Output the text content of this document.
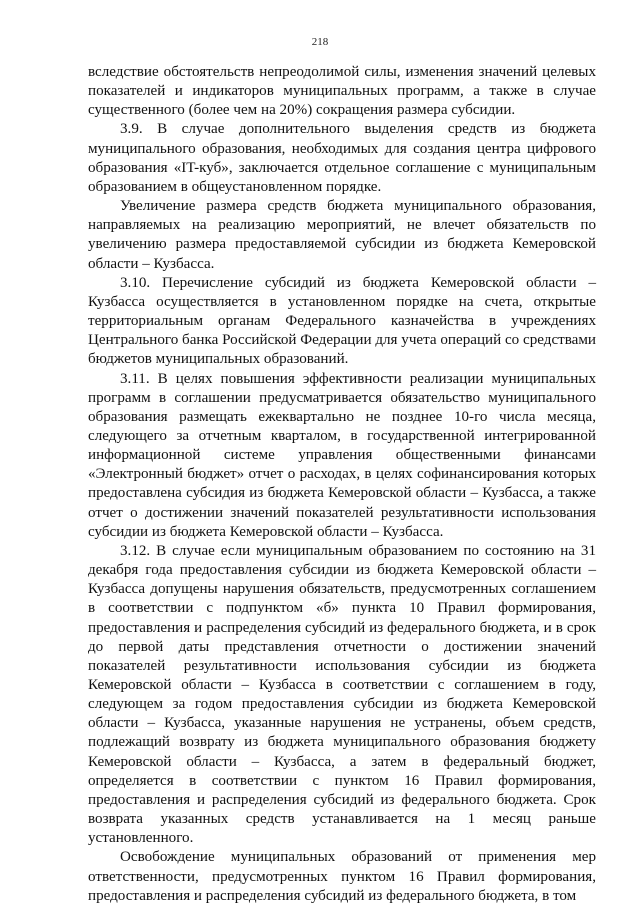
218

вследствие обстоятельств непреодолимой силы, изменения значений целевых показателей и индикаторов муниципальных программ, а также в случае существенного (более чем на 20%) сокращения размера субсидии.

3.9. В случае дополнительного выделения средств из бюджета муниципального образования, необходимых для создания центра цифрового образования «IT-куб», заключается отдельное соглашение с муниципальным образованием в общеустановленном порядке.

Увеличение размера средств бюджета муниципального образования, направляемых на реализацию мероприятий, не влечет обязательств по увеличению размера предоставляемой субсидии из бюджета Кемеровской области – Кузбасса.

3.10. Перечисление субсидий из бюджета Кемеровской области – Кузбасса осуществляется в установленном порядке на счета, открытые территориальным органам Федерального казначейства в учреждениях Центрального банка Российской Федерации для учета операций со средствами бюджетов муниципальных образований.

3.11. В целях повышения эффективности реализации муниципальных программ в соглашении предусматривается обязательство муниципального образования размещать ежеквартально не позднее 10-го числа месяца, следующего за отчетным кварталом, в государственной интегрированной информационной системе управления общественными финансами «Электронный бюджет» отчет о расходах, в целях софинансирования которых предоставлена субсидия из бюджета Кемеровской области – Кузбасса, а также отчет о достижении значений показателей результативности использования субсидии из бюджета Кемеровской области – Кузбасса.

3.12. В случае если муниципальным образованием по состоянию на 31 декабря года предоставления субсидии из бюджета Кемеровской области – Кузбасса допущены нарушения обязательств, предусмотренных соглашением в соответствии с подпунктом «б» пункта 10 Правил формирования, предоставления и распределения субсидий из федерального бюджета, и в срок до первой даты представления отчетности о достижении значений показателей результативности использования субсидии из бюджета Кемеровской области – Кузбасса в соответствии с соглашением в году, следующем за годом предоставления субсидии из бюджета Кемеровской области – Кузбасса, указанные нарушения не устранены, объем средств, подлежащий возврату из бюджета муниципального образования бюджету Кемеровской области – Кузбасса, а затем в федеральный бюджет, определяется в соответствии с пунктом 16 Правил формирования, предоставления и распределения субсидий из федерального бюджета. Срок возврата указанных средств устанавливается на 1 месяц раньше установленного.

Освобождение муниципальных образований от применения мер ответственности, предусмотренных пунктом 16 Правил формирования, предоставления и распределения субсидий из федерального бюджета, в том
